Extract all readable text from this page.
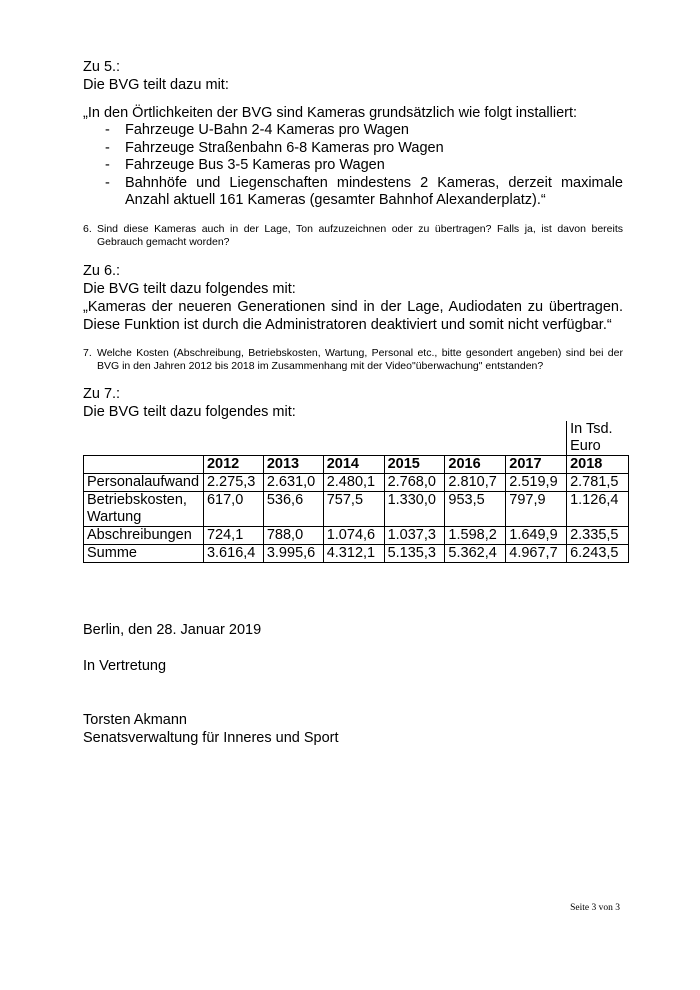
Zu 5.:

Die BVG teilt dazu mit:

„In den Örtlichkeiten der BVG sind Kameras grundsätzlich wie folgt installiert:

- Fahrzeuge U-Bahn 2-4 Kameras pro Wagen
- Fahrzeuge Straßenbahn 6-8 Kameras pro Wagen
- Fahrzeuge Bus 3-5 Kameras pro Wagen
- Bahnhöfe und Liegenschaften mindestens 2 Kameras, derzeit maximale Anzahl aktuell 161 Kameras (gesamter Bahnhof Alexanderplatz).“
6. Sind diese Kameras auch in der Lage, Ton aufzuzeichnen oder zu übertragen? Falls ja, ist davon bereits Gebrauch gemacht worden?

Zu 6.:

Die BVG teilt dazu folgendes mit:

„Kameras der neueren Generationen sind in der Lage, Audiodaten zu übertragen. Diese Funktion ist durch die Administratoren deaktiviert und somit nicht verfügbar.“

7. Welche Kosten (Abschreibung, Betriebskosten, Wartung, Personal etc., bitte gesondert angeben) sind bei der BVG in den Jahren 2012 bis 2018 im Zusammenhang mit der Video"überwachung" entstanden?

Zu 7.:

Die BVG teilt dazu folgendes mit:

							In Tsd. Euro
	2012	2013	2014	2015	2016	2017	2018
Personalaufwand	2.275,3	2.631,0	2.480,1	2.768,0	2.810,7	2.519,9	2.781,5
Betriebskosten, Wartung	617,0	536,6	757,5	1.330,0	953,5	797,9	1.126,4
Abschreibungen	724,1	788,0	1.074,6	1.037,3	1.598,2	1.649,9	2.335,5
Summe	3.616,4	3.995,6	4.312,1	5.135,3	5.362,4	4.967,7	6.243,5

Berlin, den 28. Januar 2019

In Vertretung

Torsten Akmann

Senatsverwaltung für Inneres und Sport

Seite 3 von 3
